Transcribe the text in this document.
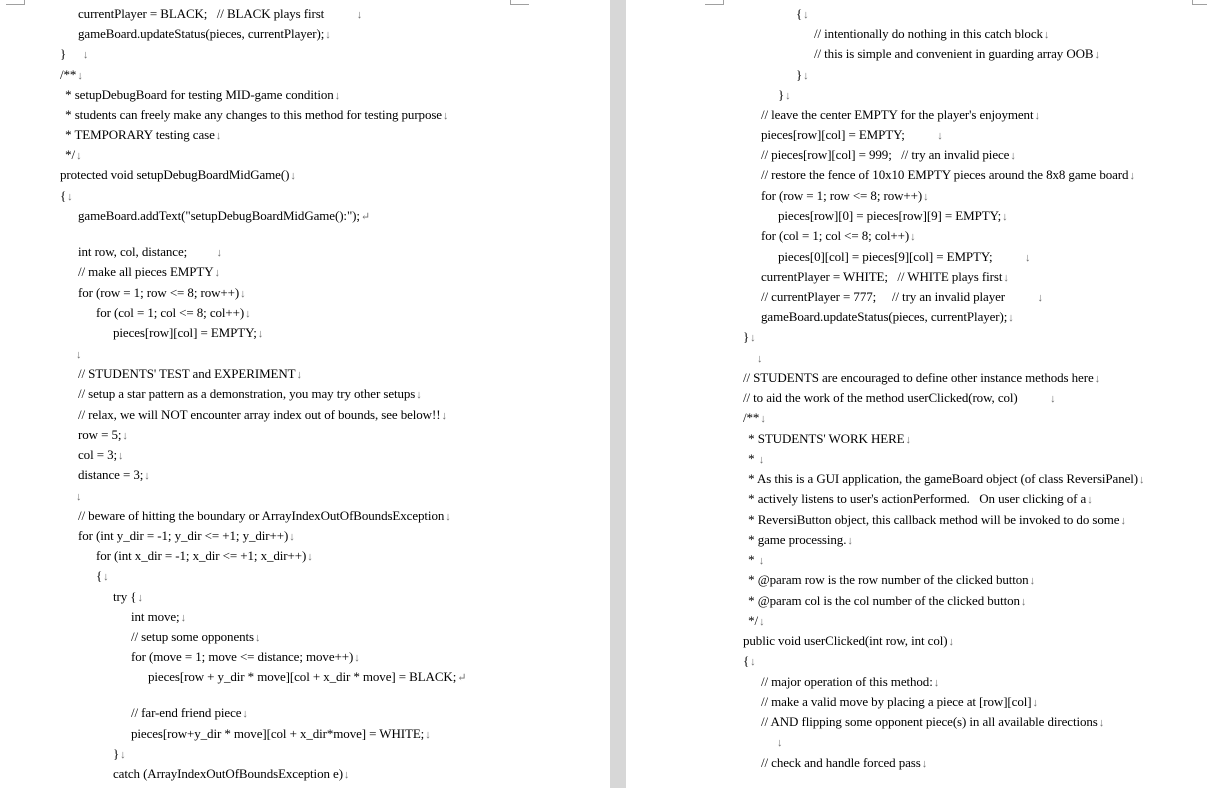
currentPlayer = BLACK;   // BLACK plays first          ↓
gameBoard.updateStatus(pieces, currentPlayer);↓
}     ↓
/**↓
* setupDebugBoard for testing MID-game condition↓
* students can freely make any changes to this method for testing purpose↓
* TEMPORARY testing case↓
*/↓
protected void setupDebugBoardMidGame()↓
{↓
gameBoard.addText("setupDebugBoardMidGame():");↵
int row, col, distance;         ↓
// make all pieces EMPTY↓
for (row = 1; row <= 8; row++)↓
for (col = 1; col <= 8; col++)↓
pieces[row][col] = EMPTY;↓
↓
// STUDENTS' TEST and EXPERIMENT↓
// setup a star pattern as a demonstration, you may try other setups↓
// relax, we will NOT encounter array index out of bounds, see below!!↓
row = 5;↓
col = 3;↓
distance = 3;↓
↓
// beware of hitting the boundary or ArrayIndexOutOfBoundsException↓
for (int y_dir = -1; y_dir <= +1; y_dir++)↓
for (int x_dir = -1; x_dir <= +1; x_dir++)↓
{↓
try {↓
int move;↓
// setup some opponents↓
for (move = 1; move <= distance; move++)↓
pieces[row + y_dir * move][col + x_dir * move] = BLACK;↵
// far-end friend piece↓
pieces[row+y_dir * move][col + x_dir*move] = WHITE;↓
}↓
catch (ArrayIndexOutOfBoundsException e)↓
{↓
// intentionally do nothing in this catch block↓
// this is simple and convenient in guarding array OOB↓
}↓
}↓
// leave the center EMPTY for the player's enjoyment↓
pieces[row][col] = EMPTY;          ↓
// pieces[row][col] = 999;   // try an invalid piece↓
// restore the fence of 10x10 EMPTY pieces around the 8x8 game board↓
for (row = 1; row <= 8; row++)↓
pieces[row][0] = pieces[row][9] = EMPTY;↓
for (col = 1; col <= 8; col++)↓
pieces[0][col] = pieces[9][col] = EMPTY;          ↓
currentPlayer = WHITE;   // WHITE plays first↓
// currentPlayer = 777;     // try an invalid player          ↓
gameBoard.updateStatus(pieces, currentPlayer);↓
}↓
↓
// STUDENTS are encouraged to define other instance methods here↓
// to aid the work of the method userClicked(row, col)          ↓
/**↓
* STUDENTS' WORK HERE↓
* ↓
* As this is a GUI application, the gameBoard object (of class ReversiPanel)↓
* actively listens to user's actionPerformed.   On user clicking of a↓
* ReversiButton object, this callback method will be invoked to do some↓
* game processing.↓
* ↓
* @param row is the row number of the clicked button↓
* @param col is the col number of the clicked button↓
*/↓
public void userClicked(int row, int col)↓
{↓
// major operation of this method:↓
// make a valid move by placing a piece at [row][col]↓
// AND flipping some opponent piece(s) in all available directions↓
↓
// check and handle forced pass↓
